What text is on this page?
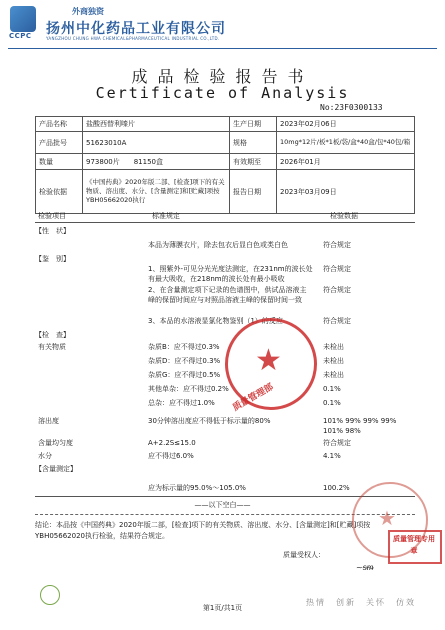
CCPC
外商独资
扬州中化药品工业有限公司
YANGZHOU CHUNG HWA CHEMICAL&PHARMACEUTICAL INDUSTRIAL CO.,LTD.
成品检验报告书
Certificate of Analysis
No:23F0300133
产品名称	盐酸西替利嗪片	生产日期	2023年02月06日
产品批号	51623010A	规格	10mg*12片/板*1板/袋/盒*40盒/包*40包/箱
数量	973800片　　81150盒	有效期至	2026年01月
检验依据	《中国药典》2020年版二部、[检查]项下的有关物质、溶出度、水分、[含量测定]和[贮藏]项按YBH05662020执行	报告日期	2023年03月09日
检验项目	标准规定	检验数据
【性　状】
本品为薄膜衣片，除去包衣后显白色或类白色	符合规定
【鉴　别】
1、照紫外-可见分光光度法测定，在231nm的波长处有最大吸收，在218nm的波长处有最小吸收
符合规定
2、在含量测定项下记录的色谱图中，供试品溶液主峰的保留时间应与对照品溶液主峰的保留时间一致
符合规定
3、本品的水溶液显氯化物鉴别（1）的反应	符合规定
【检　查】
有关物质	杂质B：应不得过0.3%	未检出
杂质D：应不得过0.3%	未检出
杂质G：应不得过0.5%	未检出
其他单杂：应不得过0.2%	0.1%
总杂：应不得过1.0%	0.1%
溶出度	30分钟溶出度应不得低于标示量的80%	101% 99% 99% 99%
101% 98%
含量均匀度	A+2.2S≤15.0	符合规定
水分	应不得过6.0%	4.1%
【含量测定】
应为标示量的95.0%～105.0%	100.2%
——以下空白——
结论：本品按《中国药典》2020年版二部，[检查]项下的有关物质、溶出度、水分、[含量测定]和[贮藏]项按YBH05662020执行检验，结果符合规定。
质量受权人：
★
质量管理部
★
质量管理专用章
~ᵴᵯ
第1页/共1页
热情　创新　关怀　仿效
